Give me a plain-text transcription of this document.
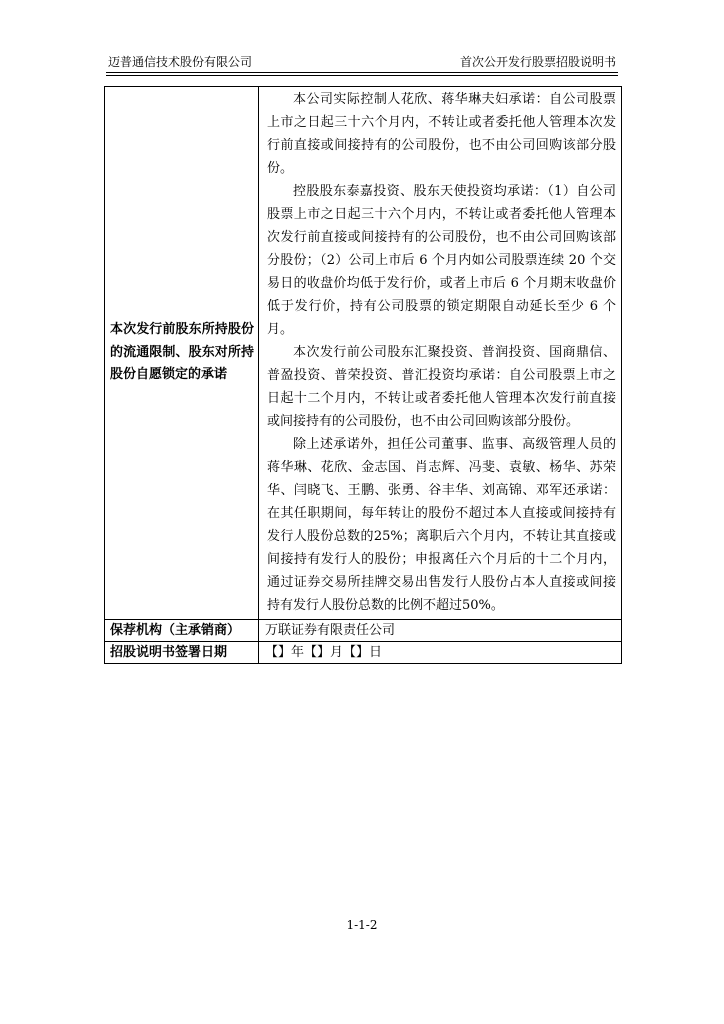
迈普通信技术股份有限公司	首次公开发行股票招股说明书
本次发行前股东所持股份的流通限制、股东对所持股份自愿锁定的承诺	本公司实际控制人花欣、蒋华琳夫妇承诺：自公司股票上市之日起三十六个月内，不转让或者委托他人管理本次发行前直接或间接持有的公司股份，也不由公司回购该部分股份。

控股股东泰嘉投资、股东天使投资均承诺：（1）自公司股票上市之日起三十六个月内，不转让或者委托他人管理本次发行前直接或间接持有的公司股份，也不由公司回购该部分股份；（2）公司上市后 6 个月内如公司股票连续 20 个交易日的收盘价均低于发行价，或者上市后 6 个月期末收盘价低于发行价，持有公司股票的锁定期限自动延长至少 6 个月。

本次发行前公司股东汇聚投资、普润投资、国商鼎信、普盈投资、普荣投资、普汇投资均承诺：自公司股票上市之日起十二个月内，不转让或者委托他人管理本次发行前直接或间接持有的公司股份，也不由公司回购该部分股份。

除上述承诺外，担任公司董事、监事、高级管理人员的蒋华琳、花欣、金志国、肖志辉、冯斐、袁敏、杨华、苏荣华、闫晓飞、王鹏、张勇、谷丰华、刘高锦、邓军还承诺：在其任职期间，每年转让的股份不超过本人直接或间接持有发行人股份总数的25%；离职后六个月内，不转让其直接或间接持有发行人的股份；申报离任六个月后的十二个月内，通过证券交易所挂牌交易出售发行人股份占本人直接或间接持有发行人股份总数的比例不超过50%。

保荐机构（主承销商）	万联证券有限责任公司
招股说明书签署日期	【】年【】月【】日
1-1-2
